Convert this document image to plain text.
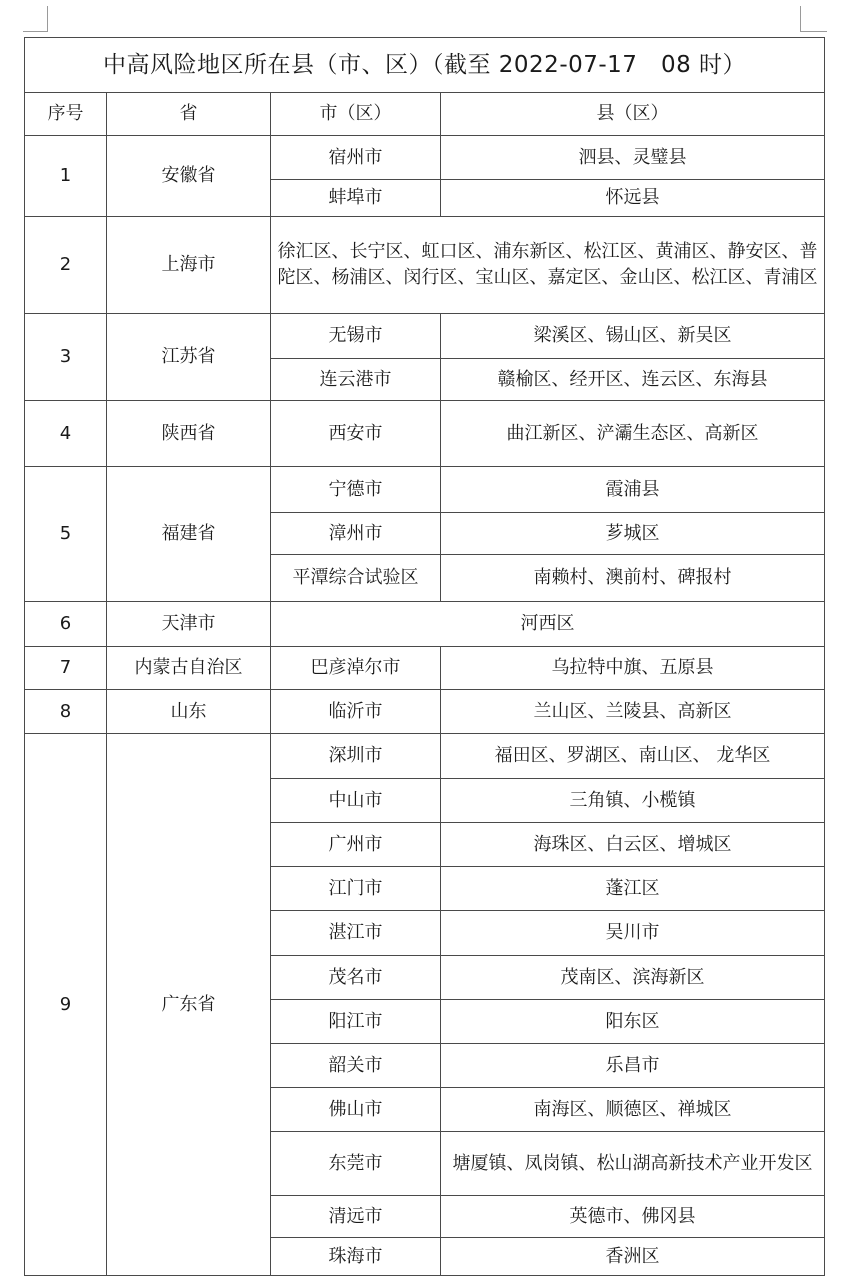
中高风险地区所在县（市、区）（截至 2022-07-17　08 时）			
序号	省	市（区）	县（区）
1	安徽省	宿州市	泗县、灵璧县
		蚌埠市	怀远县
2	上海市	徐汇区、长宁区、虹口区、浦东新区、松江区、黄浦区、静安区、普陀区、杨浦区、闵行区、宝山区、嘉定区、金山区、松江区、青浦区	
3	江苏省	无锡市	梁溪区、锡山区、新吴区
		连云港市	赣榆区、经开区、连云区、东海县
4	陕西省	西安市	曲江新区、浐灞生态区、高新区
5	福建省	宁德市	霞浦县
		漳州市	芗城区
		平潭综合试验区	南赖村、澳前村、碑报村
6	天津市	河西区	
7	内蒙古自治区	巴彦淖尔市	乌拉特中旗、五原县
8	山东	临沂市	兰山区、兰陵县、高新区
9	广东省	深圳市	福田区、罗湖区、南山区、 龙华区
		中山市	三角镇、小榄镇
		广州市	海珠区、白云区、增城区
		江门市	蓬江区
		湛江市	吴川市
		茂名市	茂南区、滨海新区
		阳江市	阳东区
		韶关市	乐昌市
		佛山市	南海区、顺德区、禅城区
		东莞市	塘厦镇、凤岗镇、松山湖高新技术产业开发区
		清远市	英德市、佛冈县
		珠海市	香洲区
